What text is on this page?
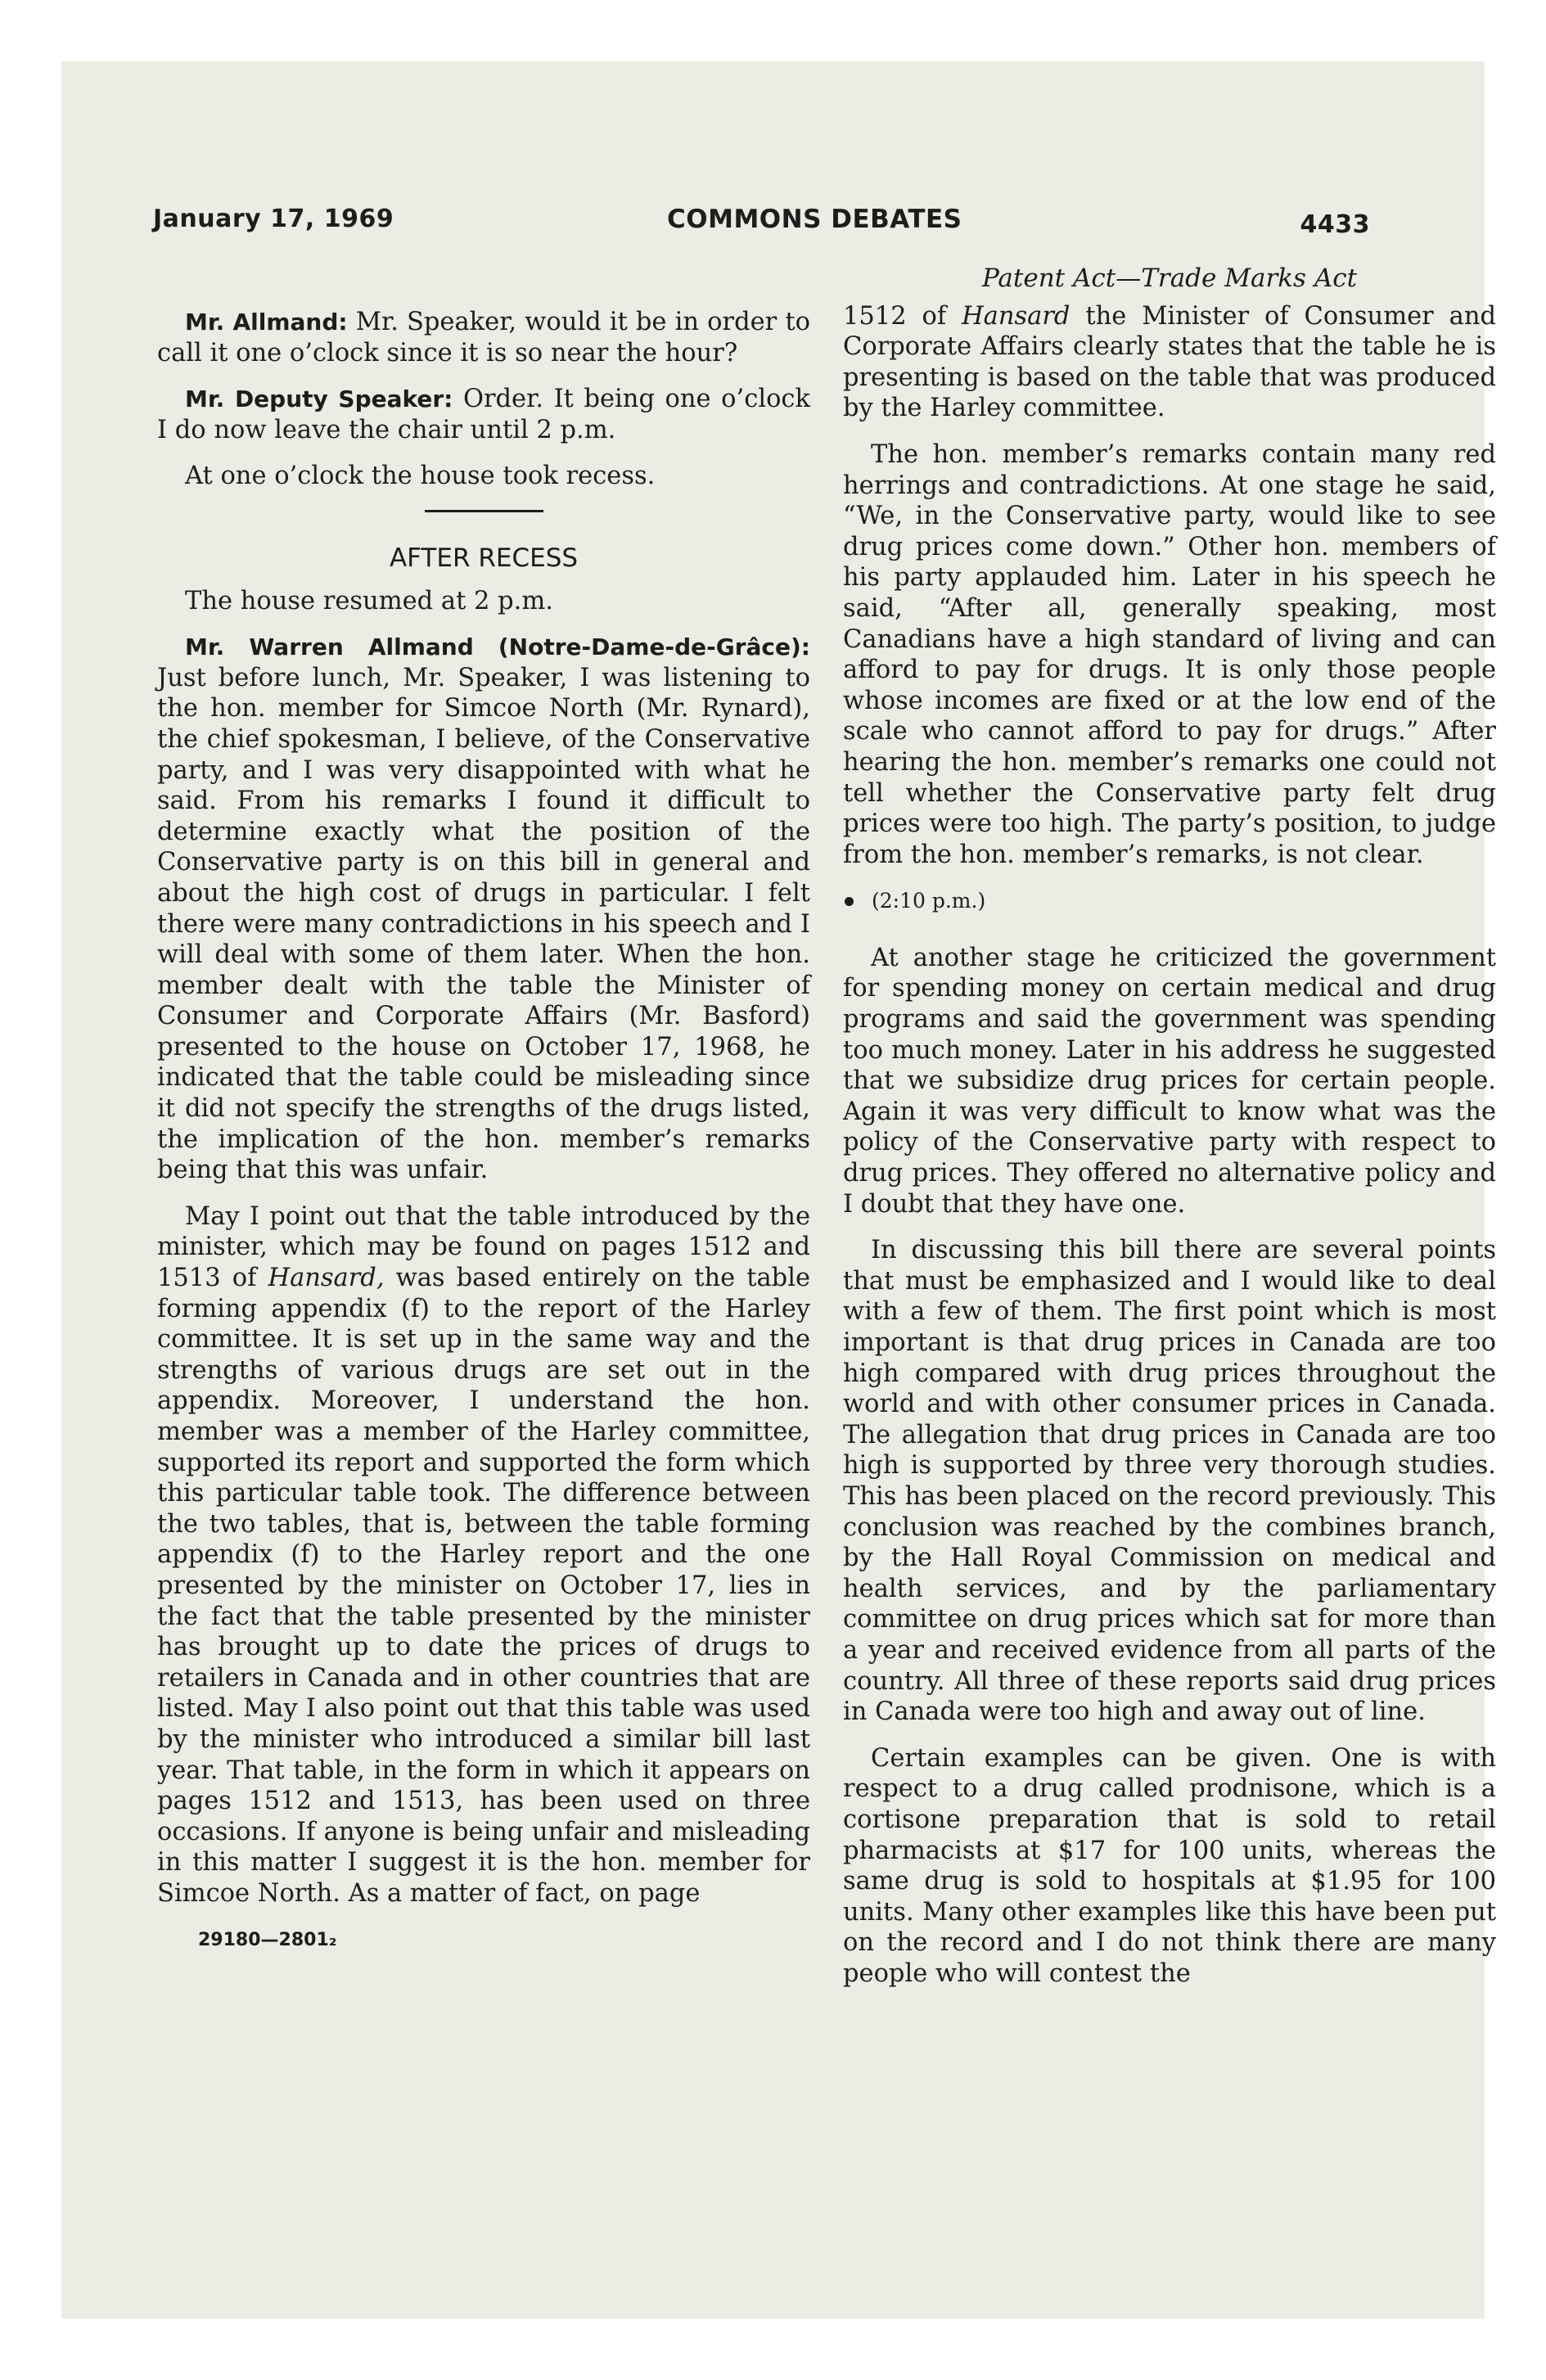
January 17, 1969	COMMONS DEBATES	4433

Mr. Allmand: Mr. Speaker, would it be in order to call it one o’clock since it is so near the hour?

Mr. Deputy Speaker: Order. It being one o’clock I do now leave the chair until 2 p.m.

At one o’clock the house took recess.

AFTER RECESS

The house resumed at 2 p.m.

Mr. Warren Allmand (Notre-Dame-de-Grâce): Just before lunch, Mr. Speaker, I was listening to the hon. member for Simcoe North (Mr. Rynard), the chief spokesman, I believe, of the Conservative party, and I was very disappointed with what he said. From his remarks I found it difficult to determine exactly what the position of the Conservative party is on this bill in general and about the high cost of drugs in particular. I felt there were many contradictions in his speech and I will deal with some of them later. When the hon. member dealt with the table the Minister of Consumer and Corporate Affairs (Mr. Basford) presented to the house on October 17, 1968, he indicated that the table could be misleading since it did not specify the strengths of the drugs listed, the implication of the hon. member’s remarks being that this was unfair.

May I point out that the table introduced by the minister, which may be found on pages 1512 and 1513 of Hansard, was based entirely on the table forming appendix (f) to the report of the Harley committee. It is set up in the same way and the strengths of various drugs are set out in the appendix. Moreover, I understand the hon. member was a member of the Harley committee, supported its report and supported the form which this particular table took. The difference between the two tables, that is, between the table forming appendix (f) to the Harley report and the one presented by the minister on October 17, lies in the fact that the table presented by the minister has brought up to date the prices of drugs to retailers in Canada and in other countries that are listed. May I also point out that this table was used by the minister who introduced a similar bill last year. That table, in the form in which it appears on pages 1512 and 1513, has been used on three occasions. If anyone is being unfair and misleading in this matter I suggest it is the hon. member for Simcoe North. As a matter of fact, on page

29180—2801₂
Patent Act—Trade Marks Act

1512 of Hansard the Minister of Consumer and Corporate Affairs clearly states that the table he is presenting is based on the table that was produced by the Harley committee.

The hon. member’s remarks contain many red herrings and contradictions. At one stage he said, “We, in the Conservative party, would like to see drug prices come down.” Other hon. members of his party applauded him. Later in his speech he said, “After all, generally speaking, most Canadians have a high standard of living and can afford to pay for drugs. It is only those people whose incomes are fixed or at the low end of the scale who cannot afford to pay for drugs.” After hearing the hon. member’s remarks one could not tell whether the Conservative party felt drug prices were too high. The party’s position, to judge from the hon. member’s remarks, is not clear.

(2:10 p.m.)

At another stage he criticized the government for spending money on certain medical and drug programs and said the government was spending too much money. Later in his address he suggested that we subsidize drug prices for certain people. Again it was very difficult to know what was the policy of the Conservative party with respect to drug prices. They offered no alternative policy and I doubt that they have one.

In discussing this bill there are several points that must be emphasized and I would like to deal with a few of them. The first point which is most important is that drug prices in Canada are too high compared with drug prices throughout the world and with other consumer prices in Canada. The allegation that drug prices in Canada are too high is supported by three very thorough studies. This has been placed on the record previously. This conclusion was reached by the combines branch, by the Hall Royal Commission on medical and health services, and by the parliamentary committee on drug prices which sat for more than a year and received evidence from all parts of the country. All three of these reports said drug prices in Canada were too high and away out of line.

Certain examples can be given. One is with respect to a drug called prodnisone, which is a cortisone preparation that is sold to retail pharmacists at $17 for 100 units, whereas the same drug is sold to hospitals at $1.95 for 100 units. Many other examples like this have been put on the record and I do not think there are many people who will contest the
